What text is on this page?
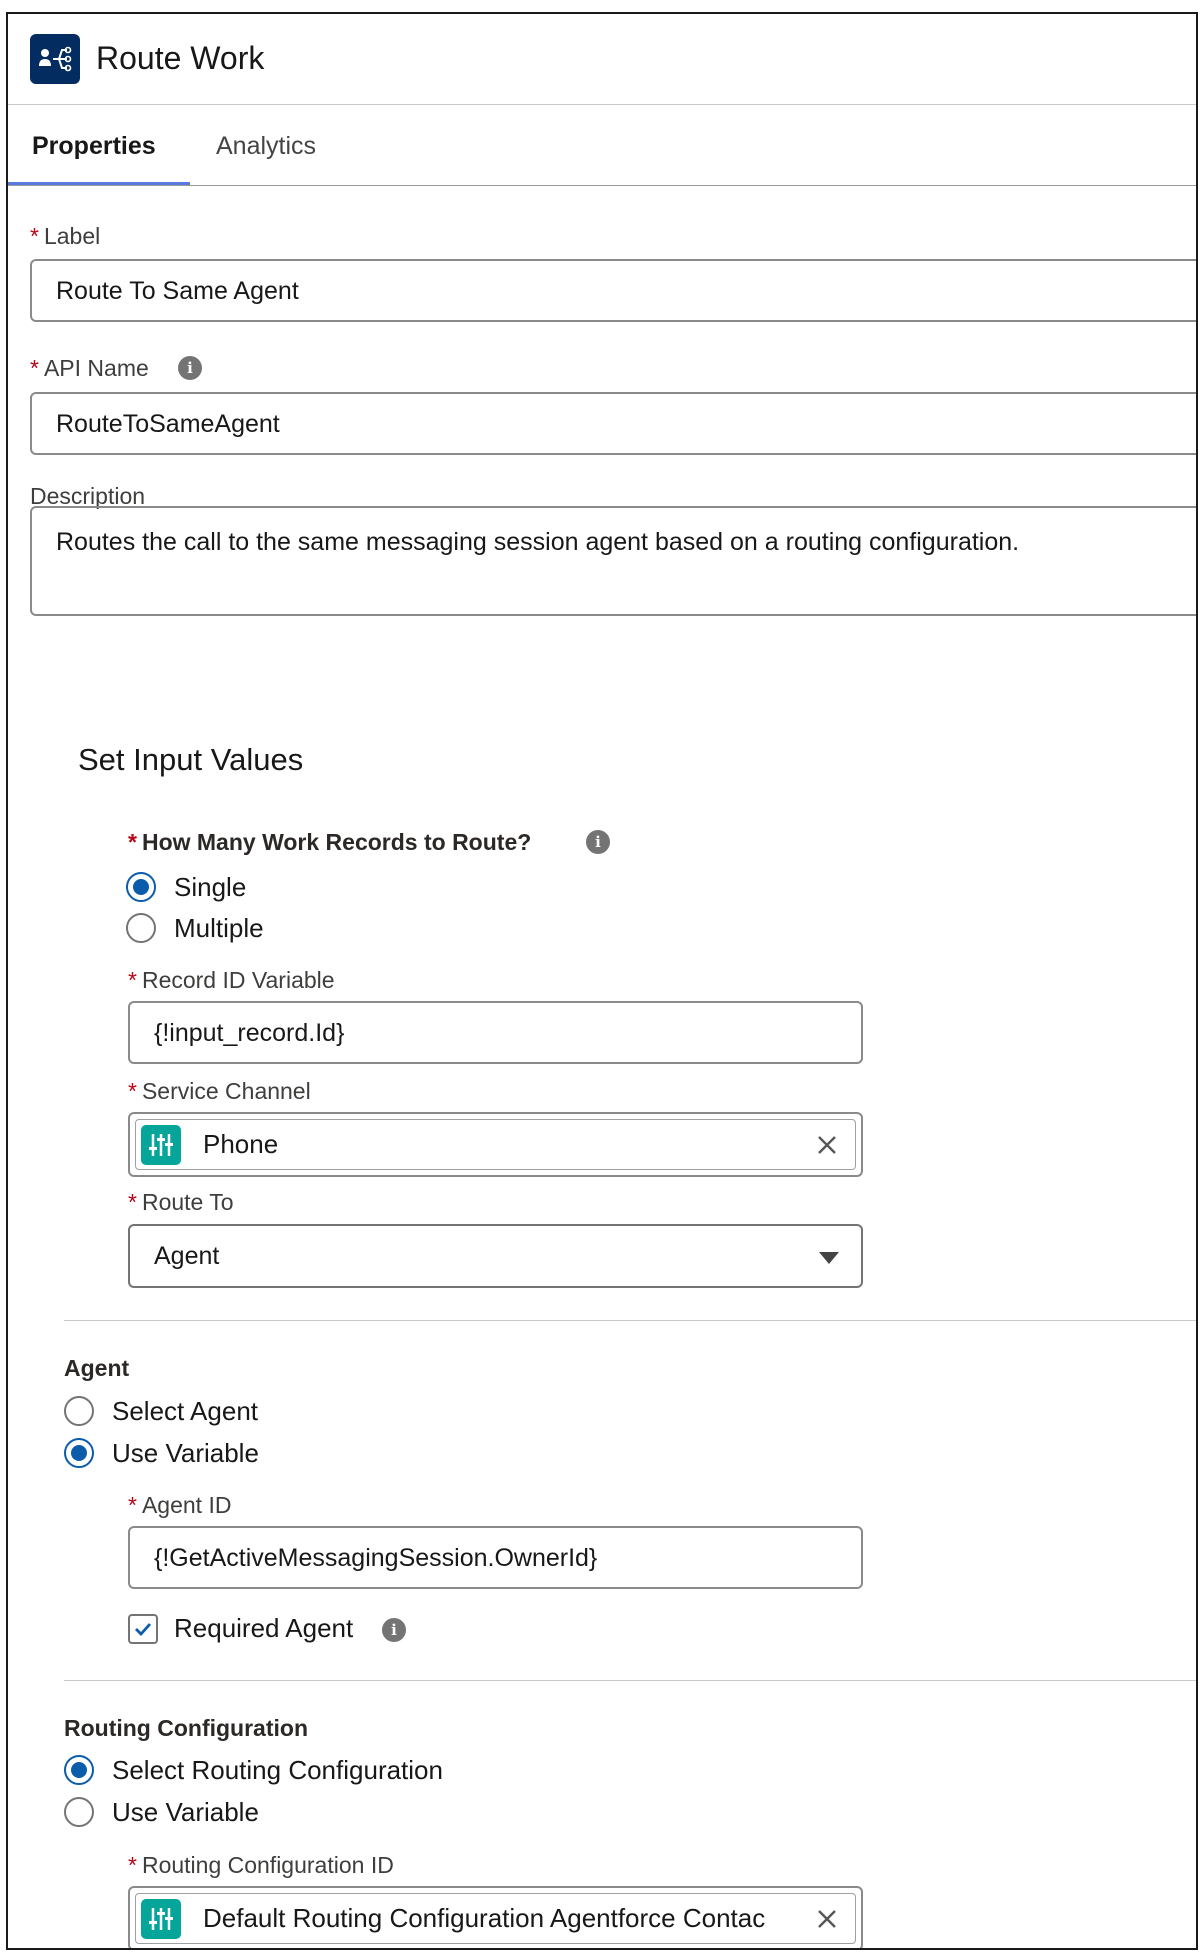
Route Work
Properties Analytics
* Label
Route To Same Agent
* API Name	i
RouteToSameAgent
Description
Routes the call to the same messaging session agent based on a routing configuration.
Set Input Values
* How Many Work Records to Route?	i
Single
Multiple
* Record ID Variable
{!input_record.Id}
* Service Channel
Phone
* Route To
Agent
Agent
Select Agent
Use Variable
* Agent ID
{!GetActiveMessagingSession.OwnerId}
Required Agent	i
Routing Configuration
Select Routing Configuration
Use Variable
* Routing Configuration ID
Default Routing Configuration Agentforce Contac
